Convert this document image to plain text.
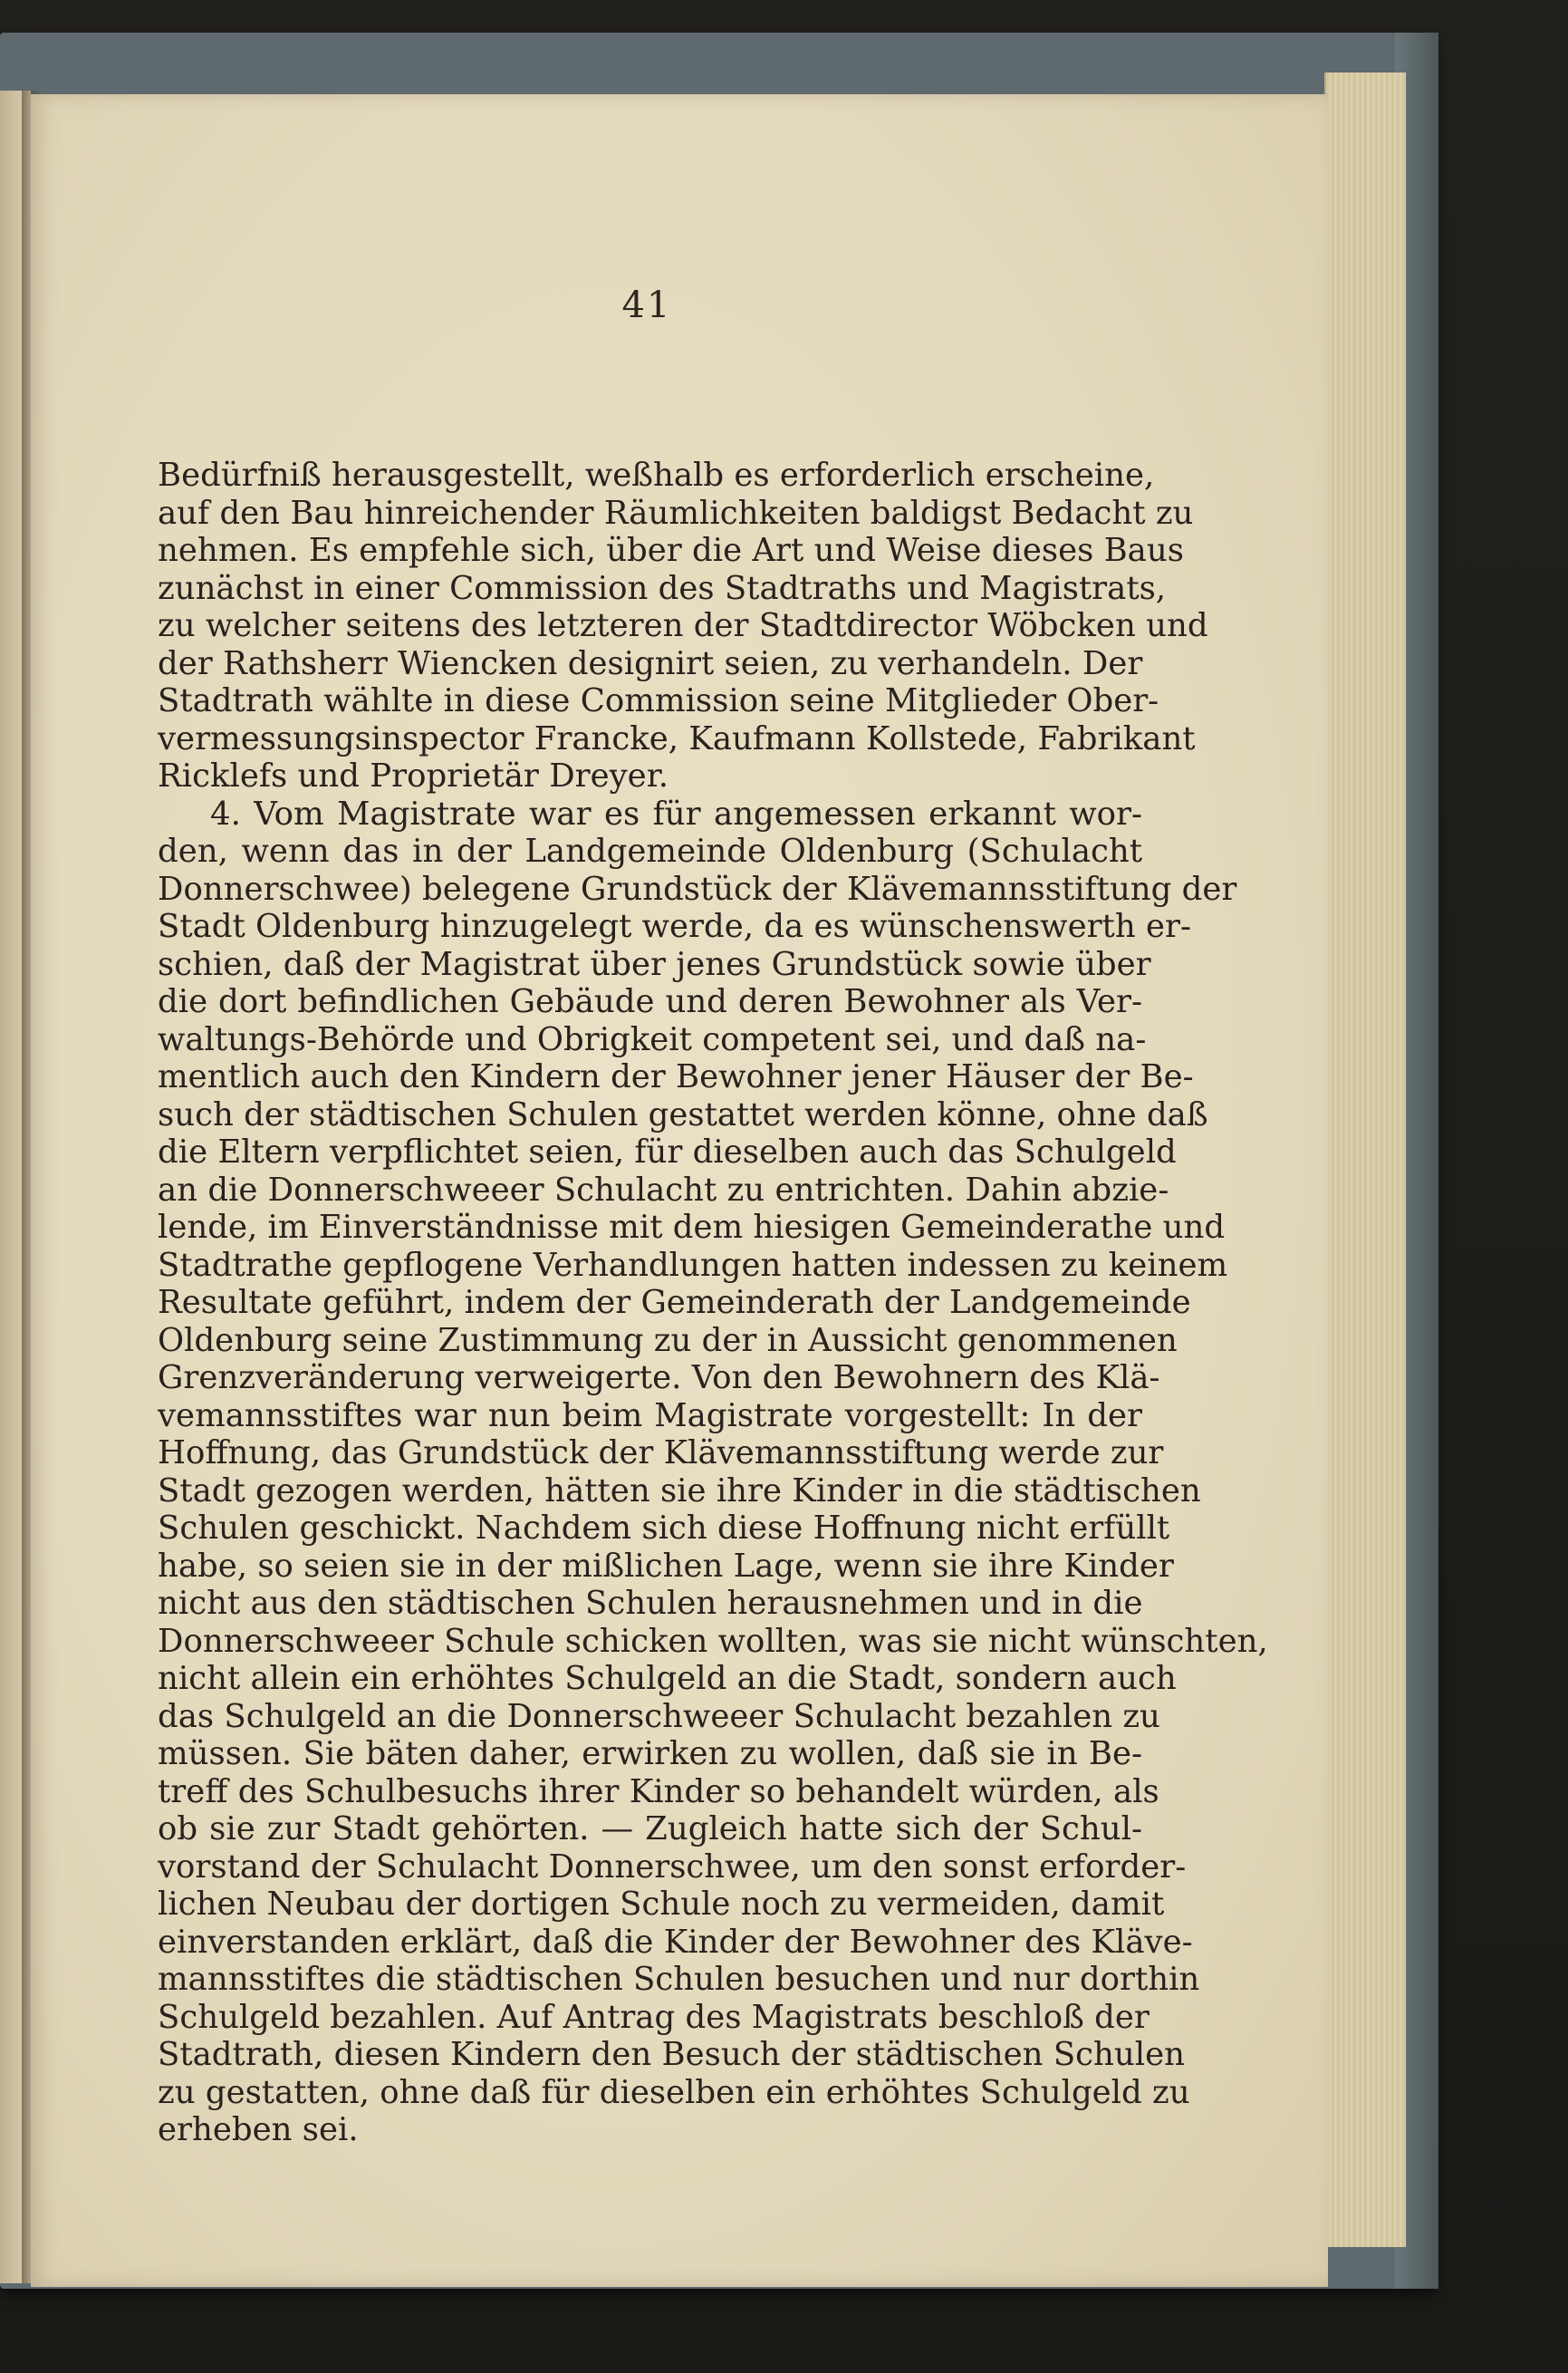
41
Bedürfniß herausgestellt, weßhalb es erforderlich erscheine,
auf den Bau hinreichender Räumlichkeiten baldigst Bedacht zu
nehmen. Es empfehle sich, über die Art und Weise dieses Baus
zunächst in einer Commission des Stadtraths und Magistrats,
zu welcher seitens des letzteren der Stadtdirector Wöbcken und
der Rathsherr Wiencken designirt seien, zu verhandeln. Der
Stadtrath wählte in diese Commission seine Mitglieder Ober-
vermessungsinspector Francke, Kaufmann Kollstede, Fabrikant
Ricklefs und Proprietär Dreyer.
4. Vom Magistrate war es für angemessen erkannt wor-
den, wenn das in der Landgemeinde Oldenburg (Schulacht
Donnerschwee) belegene Grundstück der Klävemannsstiftung der
Stadt Oldenburg hinzugelegt werde, da es wünschenswerth er-
schien, daß der Magistrat über jenes Grundstück sowie über
die dort befindlichen Gebäude und deren Bewohner als Ver-
waltungs-Behörde und Obrigkeit competent sei, und daß na-
mentlich auch den Kindern der Bewohner jener Häuser der Be-
such der städtischen Schulen gestattet werden könne, ohne daß
die Eltern verpflichtet seien, für dieselben auch das Schulgeld
an die Donnerschweeer Schulacht zu entrichten. Dahin abzie-
lende, im Einverständnisse mit dem hiesigen Gemeinderathe und
Stadtrathe gepflogene Verhandlungen hatten indessen zu keinem
Resultate geführt, indem der Gemeinderath der Landgemeinde
Oldenburg seine Zustimmung zu der in Aussicht genommenen
Grenzveränderung verweigerte. Von den Bewohnern des Klä-
vemannsstiftes war nun beim Magistrate vorgestellt: In der
Hoffnung, das Grundstück der Klävemannsstiftung werde zur
Stadt gezogen werden, hätten sie ihre Kinder in die städtischen
Schulen geschickt. Nachdem sich diese Hoffnung nicht erfüllt
habe, so seien sie in der mißlichen Lage, wenn sie ihre Kinder
nicht aus den städtischen Schulen herausnehmen und in die
Donnerschweeer Schule schicken wollten, was sie nicht wünschten,
nicht allein ein erhöhtes Schulgeld an die Stadt, sondern auch
das Schulgeld an die Donnerschweeer Schulacht bezahlen zu
müssen. Sie bäten daher, erwirken zu wollen, daß sie in Be-
treff des Schulbesuchs ihrer Kinder so behandelt würden, als
ob sie zur Stadt gehörten. — Zugleich hatte sich der Schul-
vorstand der Schulacht Donnerschwee, um den sonst erforder-
lichen Neubau der dortigen Schule noch zu vermeiden, damit
einverstanden erklärt, daß die Kinder der Bewohner des Kläve-
mannsstiftes die städtischen Schulen besuchen und nur dorthin
Schulgeld bezahlen. Auf Antrag des Magistrats beschloß der
Stadtrath, diesen Kindern den Besuch der städtischen Schulen
zu gestatten, ohne daß für dieselben ein erhöhtes Schulgeld zu
erheben sei.
